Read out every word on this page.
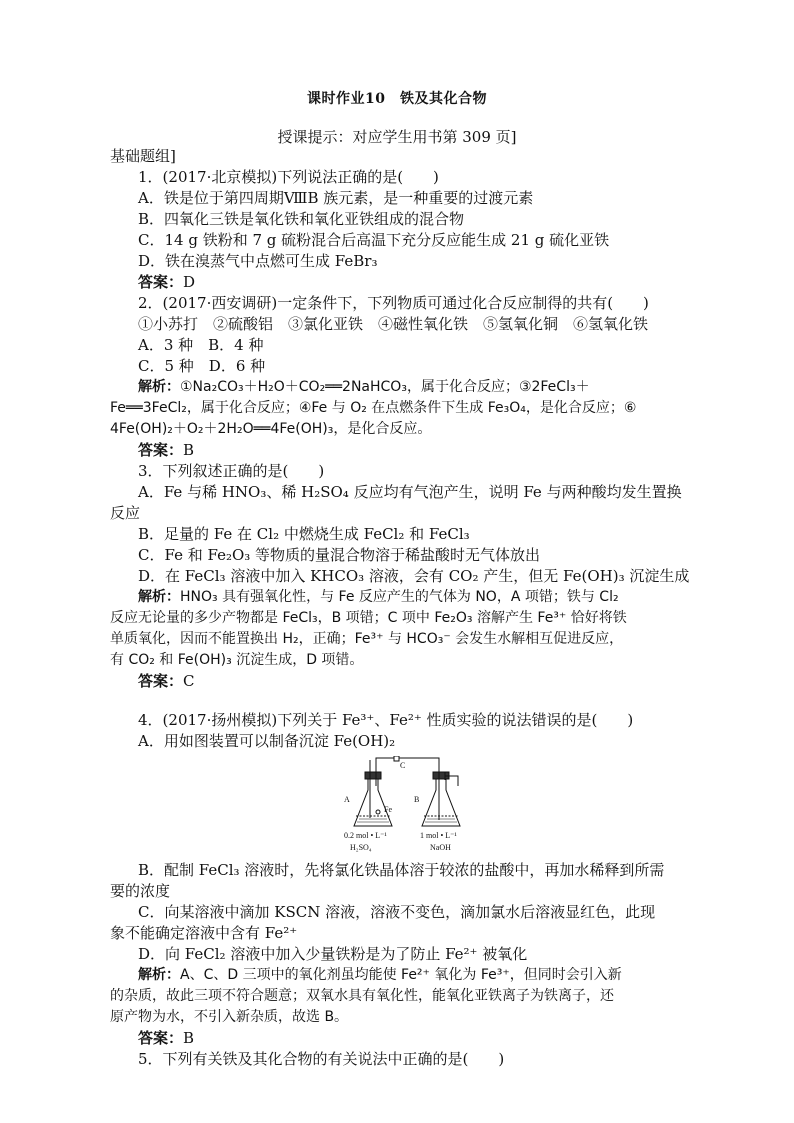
课时作业10　铁及其化合物
授课提示：对应学生用书第 309 页]
基础题组]
1．(2017·北京模拟)下列说法正确的是(　　)
A．铁是位于第四周期ⅧB 族元素，是一种重要的过渡元素
B．四氧化三铁是氧化铁和氧化亚铁组成的混合物
C．14 g 铁粉和 7 g 硫粉混合后高温下充分反应能生成 21 g 硫化亚铁
D．铁在溴蒸气中点燃可生成 FeBr₃
答案：D
2．(2017·西安调研)一定条件下，下列物质可通过化合反应制得的共有(　　)
①小苏打　②硫酸铝　③氯化亚铁　④磁性氧化铁　⑤氢氧化铜　⑥氢氧化铁
A．3 种　B．4 种
C．5 种　D．6 种
解析：①Na₂CO₃＋H₂O＋CO₂══2NaHCO₃，属于化合反应；③2FeCl₃＋
Fe══3FeCl₂，属于化合反应；④Fe 与 O₂ 在点燃条件下生成 Fe₃O₄，是化合反应；⑥
4Fe(OH)₂＋O₂＋2H₂O══4Fe(OH)₃，是化合反应。
答案：B
3．下列叙述正确的是(　　)
A．Fe 与稀 HNO₃、稀 H₂SO₄ 反应均有气泡产生，说明 Fe 与两种酸均发生置换
反应
B．足量的 Fe 在 Cl₂ 中燃烧生成 FeCl₂ 和 FeCl₃
C．Fe 和 Fe₂O₃ 等物质的量混合物溶于稀盐酸时无气体放出
D．在 FeCl₃ 溶液中加入 KHCO₃ 溶液，会有 CO₂ 产生，但无 Fe(OH)₃ 沉淀生成
解析：HNO₃ 具有强氧化性，与 Fe 反应产生的气体为 NO，A 项错；铁与 Cl₂
反应无论量的多少产物都是 FeCl₃，B 项错；C 项中 Fe₂O₃ 溶解产生 Fe³⁺ 恰好将铁
单质氧化，因而不能置换出 H₂，正确；Fe³⁺ 与 HCO₃⁻ 会发生水解相互促进反应，
有 CO₂ 和 Fe(OH)₃ 沉淀生成，D 项错。
答案：C
4．(2017·扬州模拟)下列关于 Fe³⁺、Fe²⁺ 性质实验的说法错误的是(　　)
A．用如图装置可以制备沉淀 Fe(OH)₂
A	B
C
Fe
0.2 mol • L⁻¹
H₂SO₄
1 mol • L⁻¹
NaOH
B．配制 FeCl₃ 溶液时，先将氯化铁晶体溶于较浓的盐酸中，再加水稀释到所需
要的浓度
C．向某溶液中滴加 KSCN 溶液，溶液不变色，滴加氯水后溶液显红色，此现
象不能确定溶液中含有 Fe²⁺
D．向 FeCl₂ 溶液中加入少量铁粉是为了防止 Fe²⁺ 被氧化
解析：A、C、D 三项中的氧化剂虽均能使 Fe²⁺ 氧化为 Fe³⁺，但同时会引入新
的杂质，故此三项不符合题意；双氧水具有氧化性，能氧化亚铁离子为铁离子，还
原产物为水，不引入新杂质，故选 B。
答案：B
5．下列有关铁及其化合物的有关说法中正确的是(　　)
